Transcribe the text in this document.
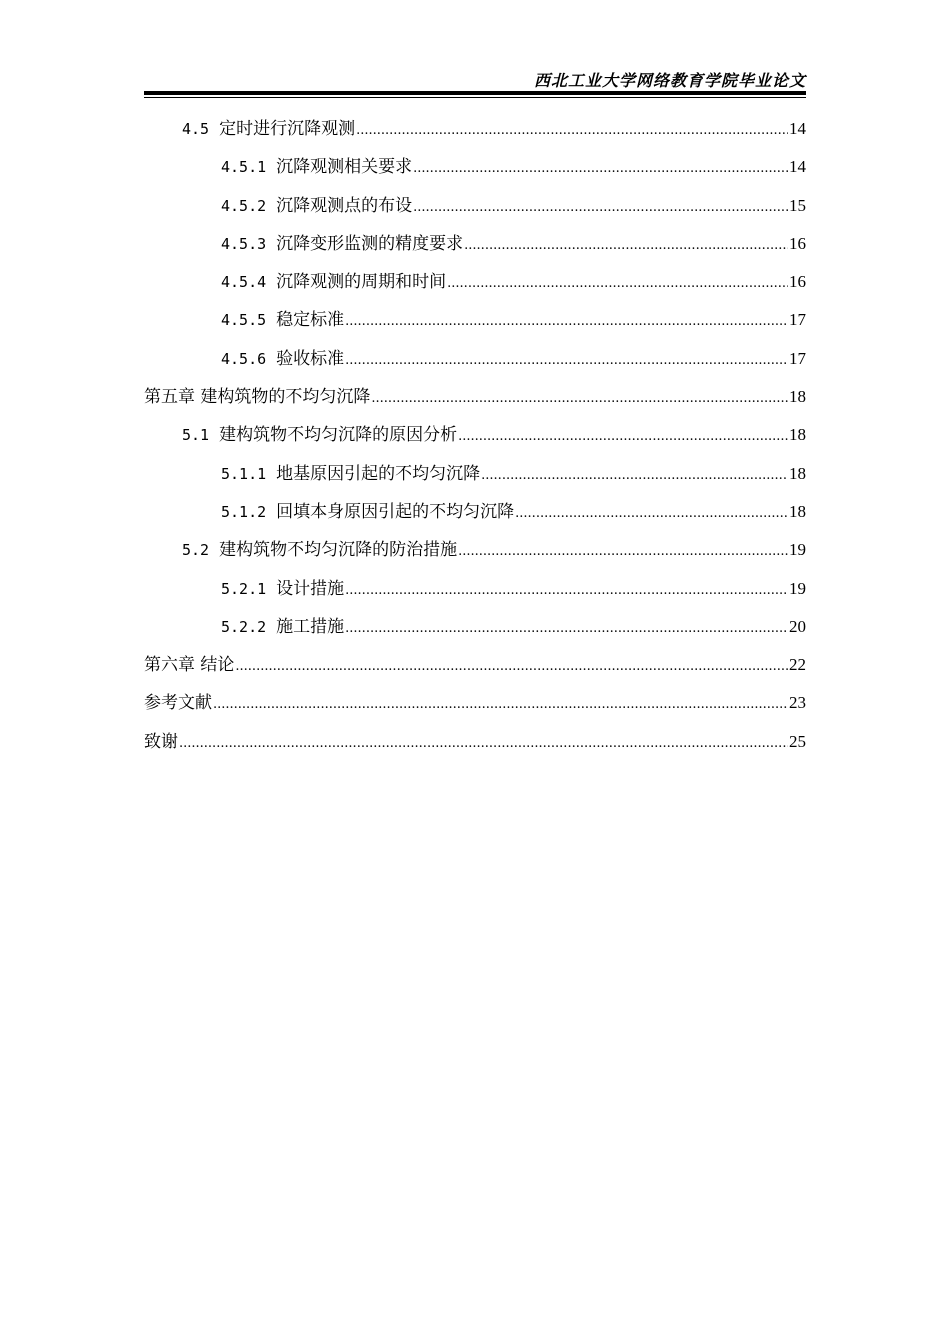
西北工业大学网络教育学院毕业论文
4.5 定时进行沉降观测 .....	14
4.5.1 沉降观测相关要求 .....	14
4.5.2 沉降观测点的布设 .....	15
4.5.3 沉降变形监测的精度要求 .....	16
4.5.4 沉降观测的周期和时间 .....	16
4.5.5 稳定标准 .....	17
4.5.6 验收标准 .....	17
第五章 建构筑物的不均匀沉降 .....	18
5.1 建构筑物不均匀沉降的原因分析 .....	18
5.1.1 地基原因引起的不均匀沉降 .....	18
5.1.2 回填本身原因引起的不均匀沉降 .....	18
5.2 建构筑物不均匀沉降的防治措施 .....	19
5.2.1 设计措施 .....	19
5.2.2 施工措施 .....	20
第六章 结论 .....	22
参考文献 .....	23
致谢 .....	25
